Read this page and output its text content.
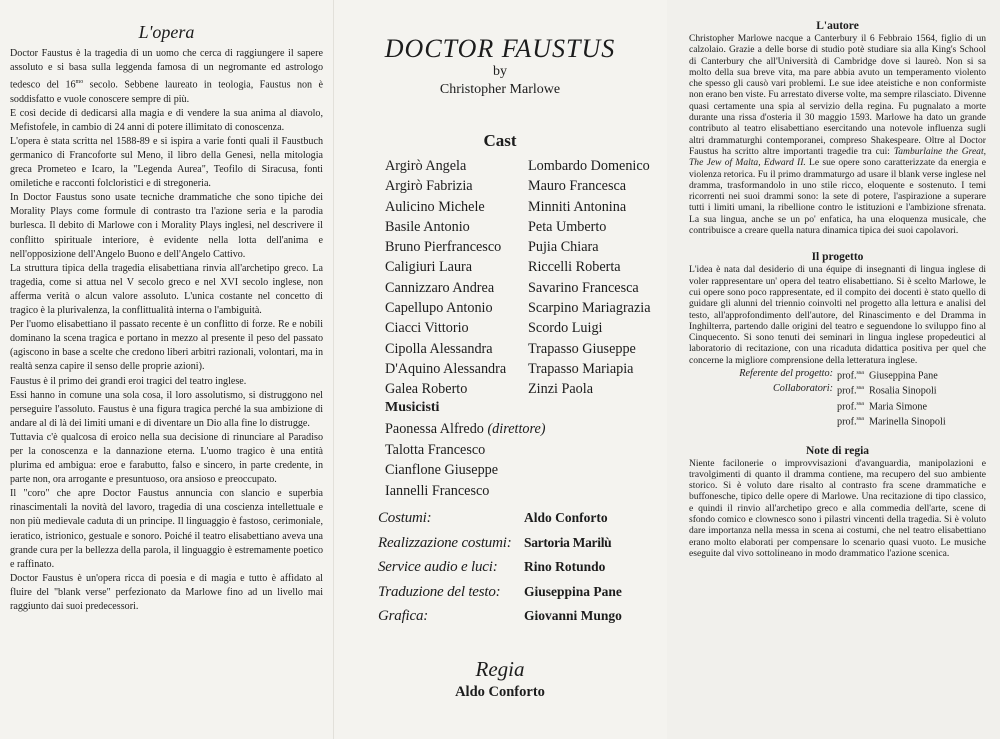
L'opera

Doctor Faustus è la tragedia di un uomo che cerca di raggiungere il sapere assoluto e si basa sulla leggenda famosa di un negromante ed astrologo tedesco del $16^{mo}$ secolo. Sebbene laureato in teologia, Faustus non è soddisfatto e vuole conoscere sempre di più.

E così decide di dedicarsi alla magia e di vendere la sua anima al diavolo, Mefistofele, in cambio di 24 anni di potere illimitato di conoscenza.

L'opera è stata scritta nel 1588-89 e si ispira a varie fonti quali il Faustbuch germanico di Francoforte sul Meno, il libro della Genesi, nella mitologia greca Prometeo e Icaro, la "Legenda Aurea", Teofilo di Siracusa, fonti omiletiche e racconti folcloristici e di stregoneria.

In Doctor Faustus sono usate tecniche drammatiche che sono tipiche dei Morality Plays come formule di contrasto tra l'azione seria e la parodia burlesca. Il debito di Marlowe con i Morality Plays inglesi, nel descrivere il conflitto spirituale interiore, è evidente nella lotta dell'anima e nell'opposizione dell'Angelo Buono e dell'Angelo Cattivo.

La struttura tipica della tragedia elisabettiana rinvia all'archetipo greco. La tragedia, come si attua nel V secolo greco e nel XVI secolo inglese, non afferma verità o alcun valore assoluto. L'unica costante nel concetto di tragico è la plurivalenza, la conflittualità interna o l'ambiguità.

Per l'uomo elisabettiano il passato recente è un conflitto di forze. Re e nobili dominano la scena tragica e portano in mezzo al presente il peso del passato (agiscono in base a scelte che credono liberi arbitri razionali, volontari, ma in realtà senza capire il senso delle proprie azioni).

Faustus è il primo dei grandi eroi tragici del teatro inglese.

Essi hanno in comune una sola cosa, il loro assolutismo, si distruggono nel perseguire l'assoluto. Faustus è una figura tragica perché la sua ambizione di andare al di là dei limiti umani e di diventare un Dio alla fine lo distrugge.

Tuttavia c'è qualcosa di eroico nella sua decisione di rinunciare al Paradiso per la conoscenza e la dannazione eterna. L'uomo tragico è una entità plurima ed ambigua: eroe e farabutto, falso e sincero, in parte credente, in parte non, ora arrogante e presuntuoso, ora ansioso e preoccupato.

Il "coro" che apre Doctor Faustus annuncia con slancio e superbia rinascimentali la novità del lavoro, tragedia di una coscienza intellettuale e non più medievale caduta di un principe. Il linguaggio è fastoso, cerimoniale, ieratico, istrionico, gestuale e sonoro. Poiché il teatro elisabettiano aveva una grande cura per la bellezza della parola, il linguaggio è estremamente poetico e raffinato.

Doctor Faustus è un'opera ricca di poesia e di magia e tutto è affidato al fluire del "blank verse" perfezionato da Marlowe fino ad un livello mai raggiunto dai suoi predecessori.

DOCTOR FAUSTUS
by
Christopher Marlowe
Cast
Argirò Angela
Argirò Fabrizia
Aulicino Michele
Basile Antonio
Bruno Pierfrancesco
Caligiuri Laura
Cannizzaro Andrea
Capellupo Antonio
Ciacci Vittorio
Cipolla Alessandra
D'Aquino Alessandra
Galea Roberto
Lombardo Domenico
Mauro Francesca
Minniti Antonina
Peta Umberto
Pujia Chiara
Riccelli Roberta
Savarino Francesca
Scarpino Mariagrazia
Scordo Luigi
Trapasso Giuseppe
Trapasso Mariapia
Zinzi Paola
Musicisti
Paonessa Alfredo (direttore)
Talotta Francesco
Cianflone Giuseppe
Iannelli Francesco
Costumi:	Aldo Conforto
Realizzazione costumi: Sartoria Marilù
Service audio e luci: Rino Rotundo
Traduzione del testo: Giuseppina Pane
Grafica:	Giovanni Mungo
Regia
Aldo Conforto
L'autore

Christopher Marlowe nacque a Canterbury il 6 Febbraio 1564, figlio di un calzolaio. Grazie a delle borse di studio potè studiare sia alla King's School di Canterbury che all'Università di Cambridge dove si laureò. Non si sa molto della sua breve vita, ma pare abbia avuto un temperamento violento che spesso gli causò vari problemi. Le sue idee ateistiche e non conformiste non erano ben viste. Fu arrestato diverse volte, ma sempre rilasciato. Divenne quasi certamente una spia al servizio della regina. Fu pugnalato a morte durante una rissa d'osteria il 30 maggio 1593. Marlowe ha dato un grande contributo al teatro elisabettiano esercitando una notevole influenza sugli altri drammaturghi contemporanei, compreso Shakespeare. Oltre al Doctor Faustus ha scritto altre importanti tragedie tra cui: Tamburlaine the Great, The Jew of Malta, Edward II. Le sue opere sono caratterizzate da energia e violenza retorica. Fu il primo drammaturgo ad usare il blank verse inglese nel dramma, trasformandolo in uno stile ricco, eloquente e sostenuto. I temi ricorrenti nei suoi drammi sono: la sete di potere, l'aspirazione a superare tutti i limiti umani, la ribellione contro le istituzioni e l'ambizione sfrenata. La sua lingua, anche se un po' enfatica, ha una eloquenza musicale, che contribuisce a creare quella natura dinamica tipica dei suoi capolavori.

Il progetto

L'idea è nata dal desiderio di una équipe di insegnanti di lingua inglese di voler rappresentare un' opera del teatro elisabettiano. Si è scelto Marlowe, le cui opere sono poco rappresentate, ed il compito dei docenti è stato quello di guidare gli alunni del triennio coinvolti nel progetto alla lettura e analisi del testo, all'approfondimento dell'autore, del Rinascimento e del Dramma in Inghilterra, partendo dalle origini del teatro e seguendone lo sviluppo fino al Cinquecento. Si sono tenuti dei seminari in lingua inglese propedeutici al laboratorio di recitazione, con una ricaduta didattica positiva per quel che concerne la migliore comprensione della letteratura inglese.

Referente del progetto: prof.$^{ssa}$ Giuseppina Pane
Collaboratori: prof.$^{ssa}$ Rosalia Sinopoli
prof.$^{ssa}$ Maria Simone
prof.$^{ssa}$ Marinella Sinopoli
Note di regia

Niente facilonerie o improvvisazioni d'avanguardia, manipolazioni e travolgimenti di quanto il dramma contiene, ma recupero del suo ambiente storico. Si è voluto dare risalto al contrasto fra scene drammatiche e buffonesche, tipico delle opere di Marlowe. Una recitazione di tipo classico, e quindi il rinvio all'archetipo greco e alla commedia dell'arte, scene di sfondo comico e clownesco sono i pilastri vincenti della tragedia. Si è voluto dare importanza nella messa in scena ai costumi, che nel teatro elisabettiano erano molto elaborati per compensare lo scenario quasi vuoto. Le musiche eseguite dal vivo sottolineano in modo drammatico l'azione scenica.
